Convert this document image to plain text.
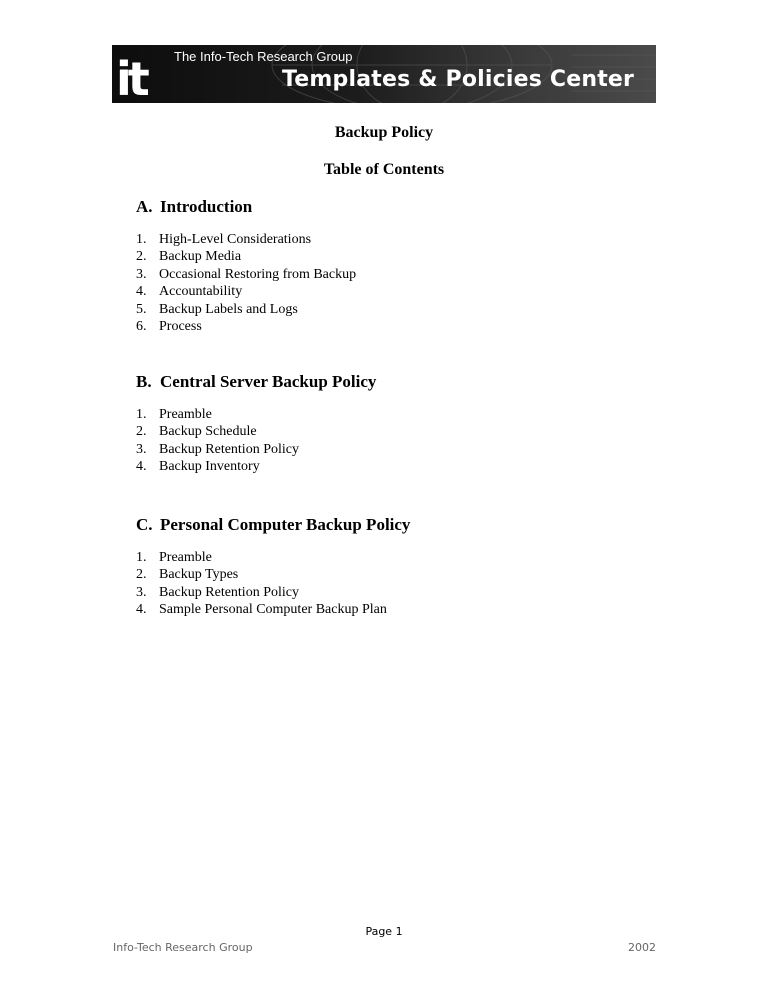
it The Info-Tech Research Group
Templates & Policies Center
Backup Policy
Table of Contents
A. Introduction
1. High-Level Considerations
2. Backup Media
3. Occasional Restoring from Backup
4. Accountability
5. Backup Labels and Logs
6. Process
B. Central Server Backup Policy
1. Preamble
2. Backup Schedule
3. Backup Retention Policy
4. Backup Inventory
C. Personal Computer Backup Policy
1. Preamble
2. Backup Types
3. Backup Retention Policy
4. Sample Personal Computer Backup Plan
Page 1
Info-Tech Research Group	2002
